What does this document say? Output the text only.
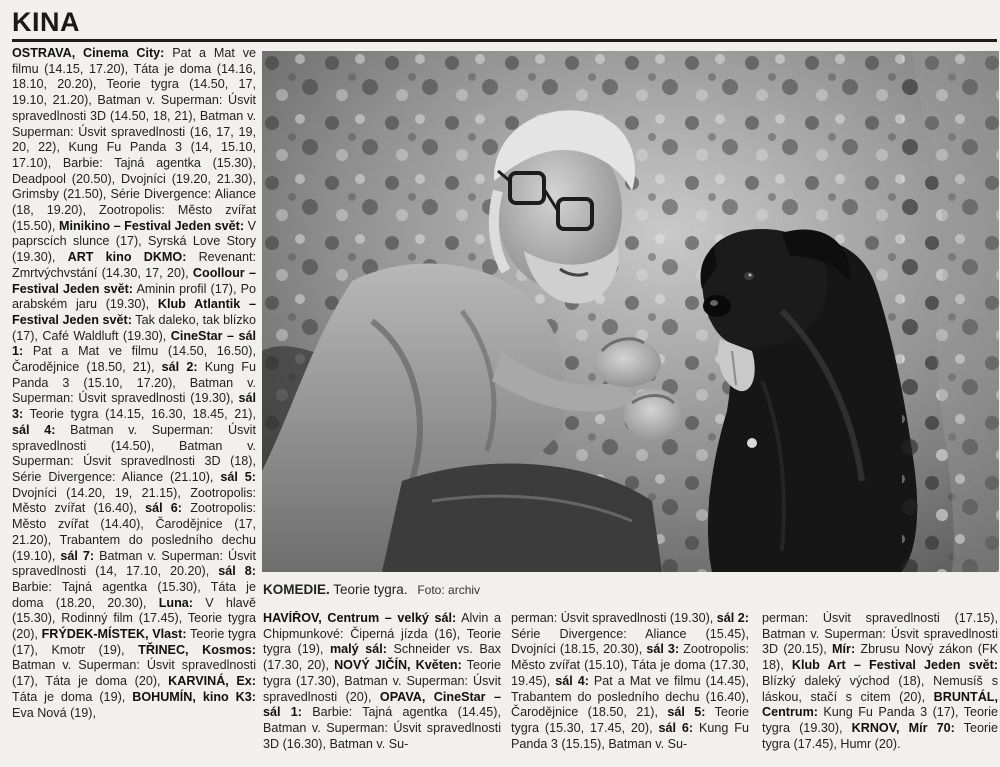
KINA
OSTRAVA, Cinema City: Pat a Mat ve filmu (14.15, 17.20), Táta je doma (14.16, 18.10, 20.20), Teorie tygra (14.50, 17, 19.10, 21.20), Batman v. Superman: Úsvit spravedlnosti 3D (14.50, 18, 21), Batman v. Superman: Úsvit spravedlnosti (16, 17, 19, 20, 22), Kung Fu Panda 3 (14, 15.10, 17.10), Barbie: Tajná agentka (15.30), Deadpool (20.50), Dvojníci (19.20, 21.30), Grimsby (21.50), Série Divergence: Aliance (18, 19.20), Zootropolis: Město zvířat (15.50), Minikino – Festival Jeden svět: V paprscích slunce (17), Syrská Love Story (19.30), ART kino DKMO: Revenant: Zmrtvýchvstání (14.30, 17, 20), Coollour – Festival Jeden svět: Aminin profil (17), Po arabském jaru (19.30), Klub Atlantik – Festival Jeden svět: Tak daleko, tak blízko (17), Café Waldluft (19.30), CineStar – sál 1: Pat a Mat ve filmu (14.50, 16.50), Čarodějnice (18.50, 21), sál 2: Kung Fu Panda 3 (15.10, 17.20), Batman v. Superman: Úsvit spravedlnosti (19.30), sál 3: Teorie tygra (14.15, 16.30, 18.45, 21), sál 4: Batman v. Superman: Úsvit spravedlnosti (14.50), Batman v. Superman: Úsvit spravedlnosti 3D (18), Série Divergence: Aliance (21.10), sál 5: Dvojníci (14.20, 19, 21.15), Zootropolis: Město zvířat (16.40), sál 6: Zootropolis: Město zvířat (14.40), Čarodějnice (17, 21.20), Trabantem do posledního dechu (19.10), sál 7: Batman v. Superman: Úsvit spravedlnosti (14, 17.10, 20.20), sál 8: Barbie: Tajná agentka (15.30), Táta je doma (18.20, 20.30), Luna: V hlavě (15.30), Rodinný film (17.45), Teorie tygra (20), FRÝDEK-MÍSTEK, Vlast: Teorie tygra (17), Kmotr (19), TŘINEC, Kosmos: Batman v. Superman: Úsvit spravedlnosti (17), Táta je doma (20), KARVINÁ, Ex: Táta je doma (19), BOHUMÍN, kino K3: Eva Nová (19),
KOMEDIE. Teorie tygra. Foto: archiv
HAVÍŘOV, Centrum – velký sál: Alvin a Chipmunkové: Čiperná jízda (16), Teorie tygra (19), malý sál: Schneider vs. Bax (17.30, 20), NOVÝ JIČÍN, Květen: Teorie tygra (17.30), Batman v. Superman: Úsvit spravedlnosti (20), OPAVA, CineStar – sál 1: Barbie: Tajná agentka (14.45), Batman v. Superman: Úsvit spravedlnosti 3D (16.30), Batman v. Su-
perman: Úsvit spravedlnosti (19.30), sál 2: Série Divergence: Aliance (15.45), Dvojníci (18.15, 20.30), sál 3: Zootropolis: Město zvířat (15.10), Táta je doma (17.30, 19.45), sál 4: Pat a Mat ve filmu (14.45), Trabantem do posledního dechu (16.40), Čarodějnice (18.50, 21), sál 5: Teorie tygra (15.30, 17.45, 20), sál 6: Kung Fu Panda 3 (15.15), Batman v. Su-
perman: Úsvit spravedlnosti (17.15), Batman v. Superman: Úsvit spravedlnosti 3D (20.15), Mír: Zbrusu Nový zákon (FK 18), Klub Art – Festival Jeden svět: Blízký daleký východ (18), Nemusíš s láskou, stačí s citem (20), BRUNTÁL, Centrum: Kung Fu Panda 3 (17), Teorie tygra (19.30), KRNOV, Mír 70: Teorie tygra (17.45), Humr (20).
